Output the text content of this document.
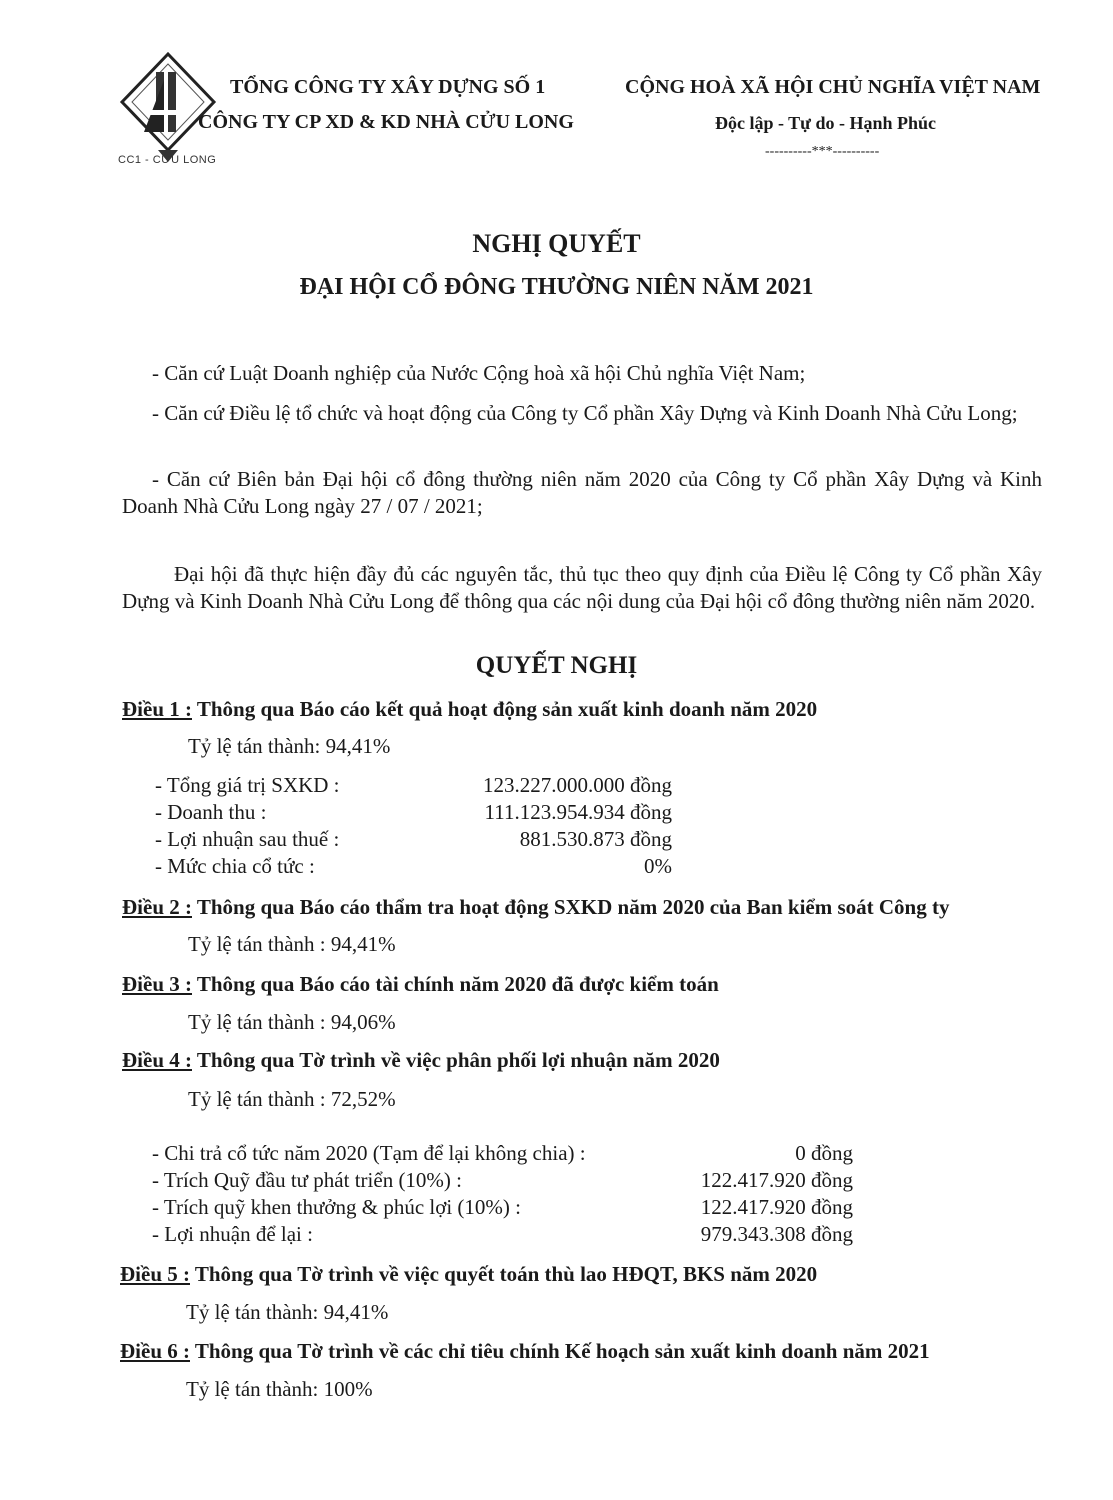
CC1 - CỬU LONG
TỔNG CÔNG TY XÂY DỰNG SỐ 1
CÔNG TY CP XD & KD NHÀ CỬU LONG
CỘNG HOÀ XÃ HỘI CHỦ NGHĨA VIỆT NAM
Độc lập - Tự do - Hạnh Phúc
----------***----------
NGHỊ QUYẾT
ĐẠI HỘI CỔ ĐÔNG THƯỜNG NIÊN NĂM 2021
- Căn cứ Luật Doanh nghiệp của Nước Cộng hoà xã hội Chủ nghĩa Việt Nam;
- Căn cứ Điều lệ tổ chức và hoạt động của Công ty Cổ phần Xây Dựng và Kinh Doanh Nhà Cửu Long;
- Căn cứ Biên bản Đại hội cổ đông thường niên năm 2020 của Công ty Cổ phần Xây Dựng và Kinh Doanh Nhà Cửu Long ngày 27 / 07 / 2021;
Đại hội đã thực hiện đầy đủ các nguyên tắc, thủ tục theo quy định của Điều lệ Công ty Cổ phần Xây Dựng và Kinh Doanh Nhà Cửu Long để thông qua các nội dung của Đại hội cổ đông thường niên năm 2020.
QUYẾT NGHỊ
Điều 1 : Thông qua Báo cáo kết quả hoạt động sản xuất kinh doanh năm 2020
Tỷ lệ tán thành: 94,41%
- Tổng giá trị SXKD :	123.227.000.000 đồng
- Doanh thu :	111.123.954.934 đồng
- Lợi nhuận sau thuế :	881.530.873 đồng
- Mức chia cổ tức :	0%
Điều 2 : Thông qua Báo cáo thẩm tra hoạt động SXKD năm 2020 của Ban kiểm soát Công ty
Tỷ lệ tán thành : 94,41%
Điều 3 : Thông qua Báo cáo tài chính năm 2020 đã được kiểm toán
Tỷ lệ tán thành : 94,06%
Điều 4 : Thông qua Tờ trình về việc phân phối lợi nhuận năm 2020
Tỷ lệ tán thành : 72,52%
- Chi trả cổ tức năm 2020 (Tạm để lại không chia) :	0 đồng
- Trích Quỹ đầu tư phát triển (10%) :	122.417.920 đồng
- Trích quỹ khen thưởng & phúc lợi (10%) :	122.417.920 đồng
- Lợi nhuận để lại :	979.343.308 đồng
Điều 5 : Thông qua Tờ trình về việc quyết toán thù lao HĐQT, BKS năm 2020
Tỷ lệ tán thành: 94,41%
Điều 6 : Thông qua Tờ trình về các chỉ tiêu chính Kế hoạch sản xuất kinh doanh năm 2021
Tỷ lệ tán thành: 100%
